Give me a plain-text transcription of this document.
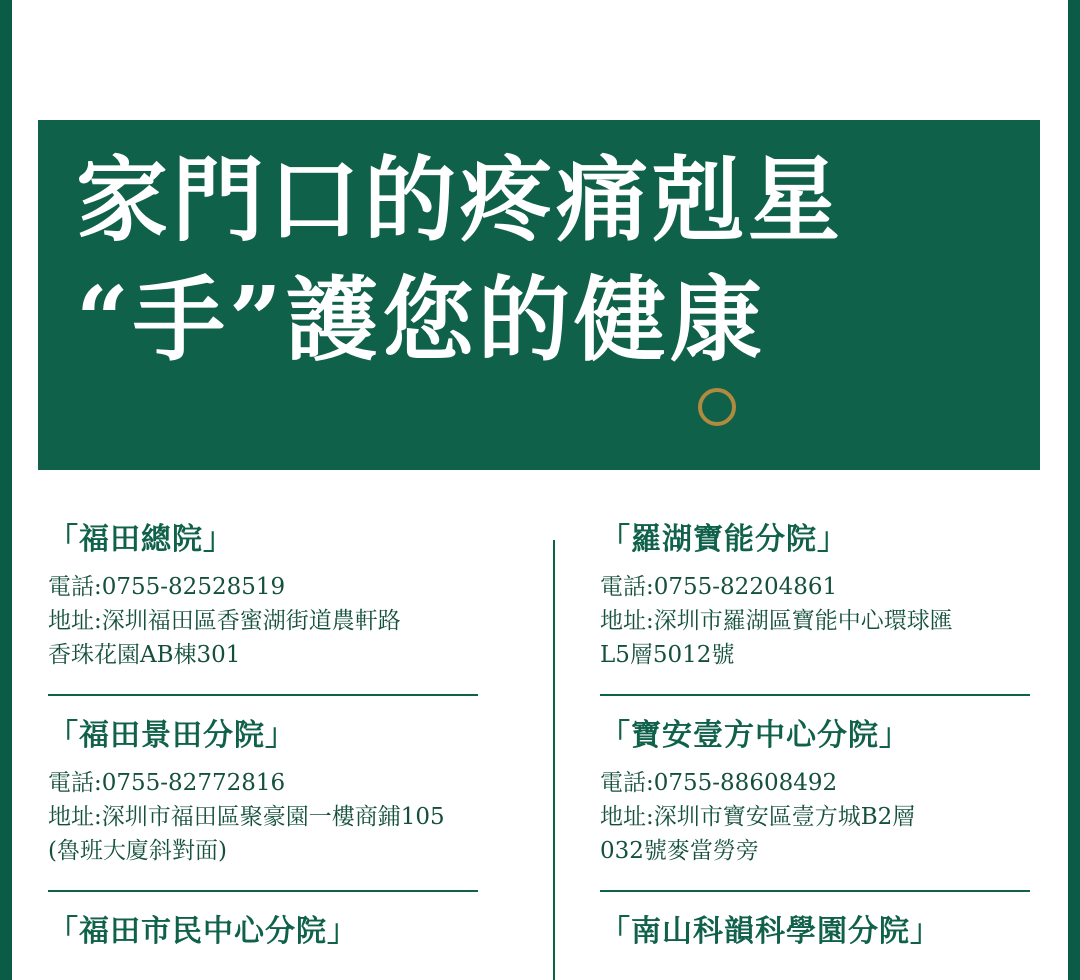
家門口的疼痛剋星
“手”護您的健康
「福田總院」
電話:0755-82528519
地址:深圳福田區香蜜湖街道農軒路
香珠花園AB棟301
「福田景田分院」
電話:0755-82772816
地址:深圳市福田區聚豪園一樓商鋪105
(魯班大廈斜對面)
「福田市民中心分院」
「羅湖寶能分院」
電話:0755-82204861
地址:深圳市羅湖區寶能中心環球匯
L5層5012號
「寶安壹方中心分院」
電話:0755-88608492
地址:深圳市寶安區壹方城B2層
032號麥當勞旁
「南山科韻科學園分院」
